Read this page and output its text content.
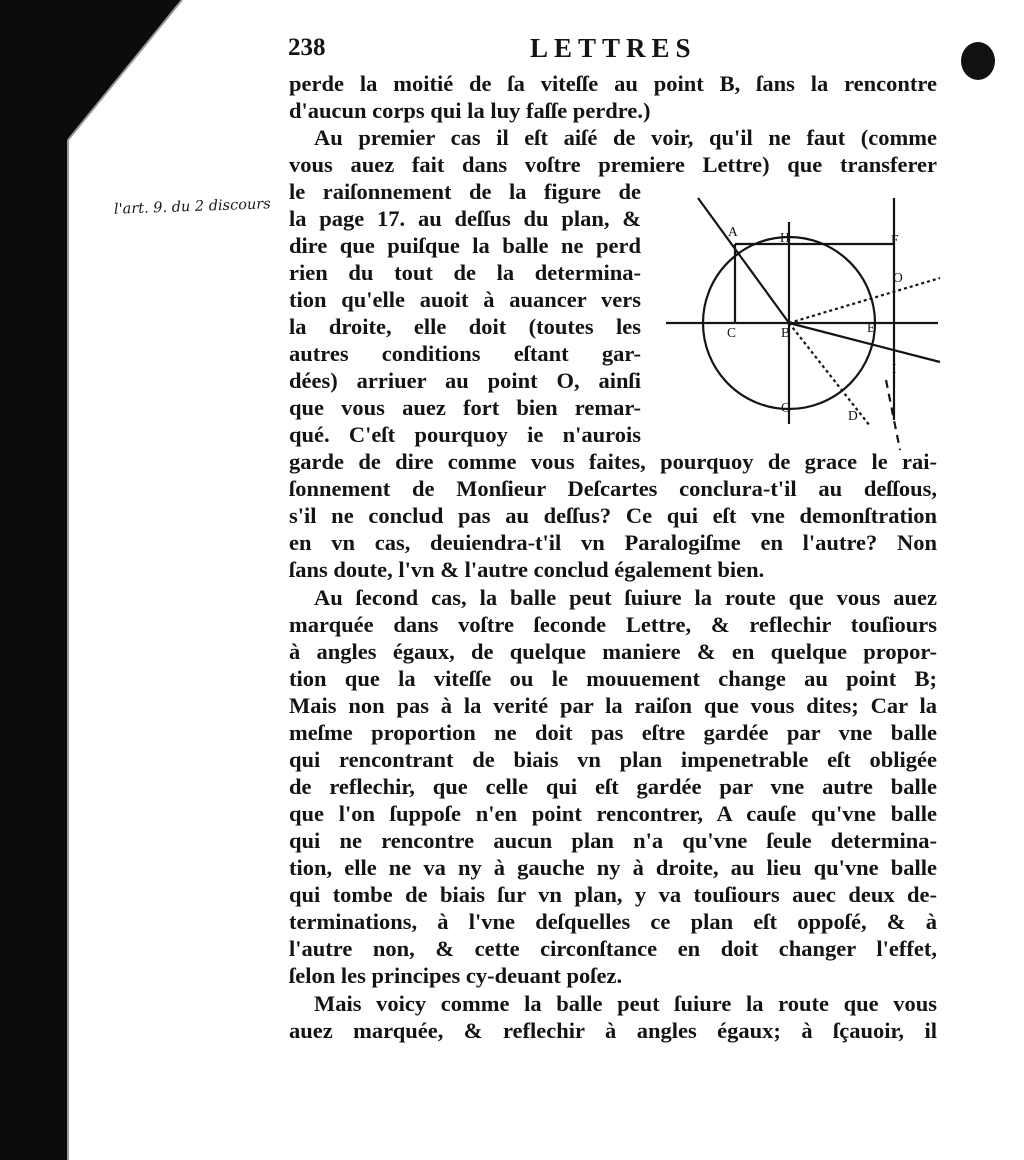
238	LETTRES
l'art. 9. du 2 discours
perde la moitié de ſa viteſſe au point B, ſans la rencontre
d'aucun corps qui la luy faſſe perdre.)
Au premier cas il eſt aiſé de voir, qu'il ne faut (comme
vous auez fait dans voſtre premiere Lettre) que transferer
le raiſonnement de la figure de
la page 17. au deſſus du plan, &
dire que puiſque la balle ne perd
rien du tout de la determina-
tion qu'elle auoit à auancer vers
la droite, elle doit (toutes les
autres conditions eſtant gar-
dées) arriuer au point O, ainſi
que vous auez fort bien remar-
qué. C'eſt pourquoy ie n'aurois
garde de dire comme vous faites, pourquoy de grace le rai-
ſonnement de Monſieur Deſcartes conclura-t'il au deſſous,
s'il ne conclud pas au deſſus? Ce qui eſt vne demonſtration
en vn cas, deuiendra-t'il vn Paralogiſme en l'autre? Non
ſans doute, l'vn & l'autre conclud également bien.
Au ſecond cas, la balle peut ſuiure la route que vous auez
marquée dans voſtre ſeconde Lettre, & reflechir touſiours
à angles égaux, de quelque maniere & en quelque propor-
tion que la viteſſe ou le mouuement change au point B;
Mais non pas à la verité par la raiſon que vous dites; Car la
meſme proportion ne doit pas eſtre gardée par vne balle
qui rencontrant de biais vn plan impenetrable eſt obligée
de reflechir, que celle qui eſt gardée par vne autre balle
que l'on ſuppoſe n'en point rencontrer, A cauſe qu'vne balle
qui ne rencontre aucun plan n'a qu'vne ſeule determina-
tion, elle ne va ny à gauche ny à droite, au lieu qu'vne balle
qui tombe de biais ſur vn plan, y va touſiours auec deux de-
terminations, à l'vne deſquelles ce plan eſt oppoſé, & à
l'autre non, & cette circonſtance en doit changer l'effet,
ſelon les principes cy-deuant poſez.
Mais voicy comme la balle peut ſuiure la route que vous
auez marquée, & reflechir à angles égaux; à ſçauoir, il
A	H	F
O
C	B	E
I
G
D
